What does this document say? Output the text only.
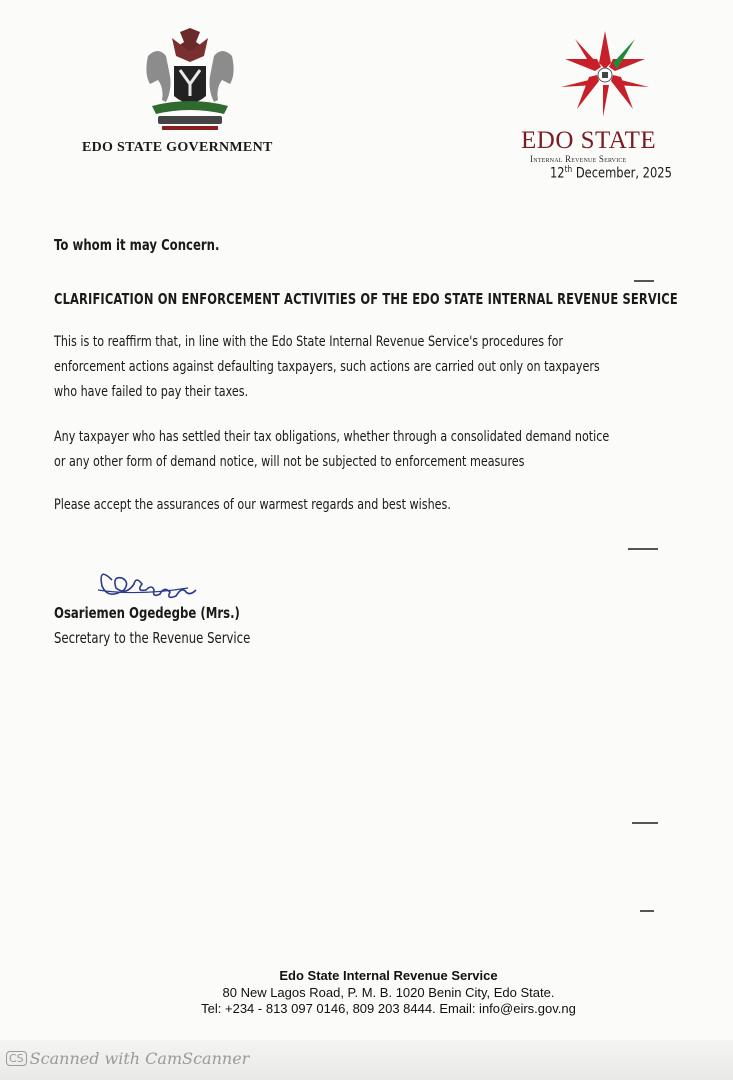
EDO STATE GOVERNMENT	EDO STATE
Internal Revenue Service
12th December, 2025
To whom it may Concern.
CLARIFICATION ON ENFORCEMENT ACTIVITIES OF THE EDO STATE INTERNAL REVENUE SERVICE
This is to reaffirm that, in line with the Edo State Internal Revenue Service's procedures for
enforcement actions against defaulting taxpayers, such actions are carried out only on taxpayers
who have failed to pay their taxes.
Any taxpayer who has settled their tax obligations, whether through a consolidated demand notice
or any other form of demand notice, will not be subjected to enforcement measures
Please accept the assurances of our warmest regards and best wishes.
Osariemen Ogedegbe (Mrs.)
Secretary to the Revenue Service
Edo State Internal Revenue Service
80 New Lagos Road, P. M. B. 1020 Benin City, Edo State.
Tel: +234 - 813 097 0146, 809 203 8444. Email: info@eirs.gov.ng
CS Scanned with CamScanner
